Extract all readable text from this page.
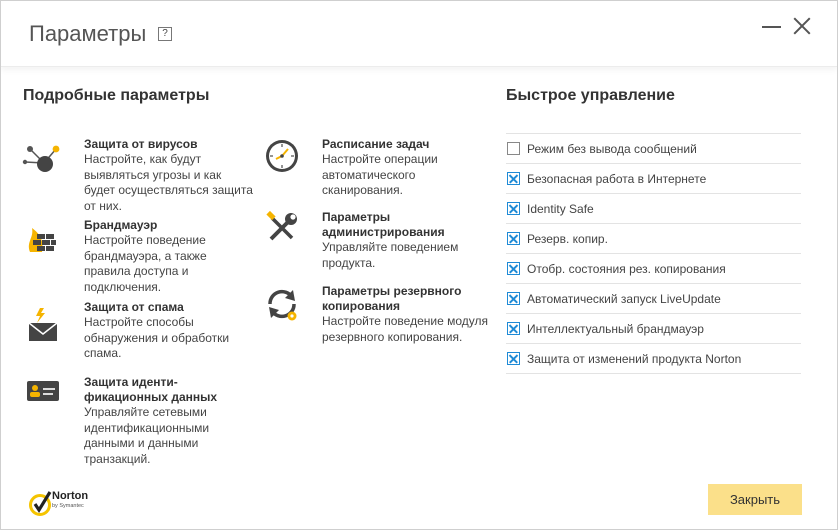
Параметры	?
Подробные параметры	Быстрое управление
Защита от вирусов
Настройте, как будут выявляться угрозы и как будет осуществляться защита от них.
Брандмауэр
Настройте поведение брандмауэра, а также правила доступа и подключения.
Защита от спама
Настройте способы обнаружения и обработки спама.
Защита иденти-фикационных данных
Управляйте сетевыми идентификационными данными и данными транзакций.
Расписание задач
Настройте операции автоматического сканирования.
Параметры администрирования
Управляйте поведением продукта.
Параметры резервного копирования
Настройте поведение модуля резервного копирования.
Режим без вывода сообщений
Безопасная работа в Интернете
Identity Safe
Резерв. копир.
Отобр. состояния рез. копирования
Автоматический запуск LiveUpdate
Интеллектуальный брандмауэр
Защита от изменений продукта Norton
Norton
by Symantec	Закрыть
